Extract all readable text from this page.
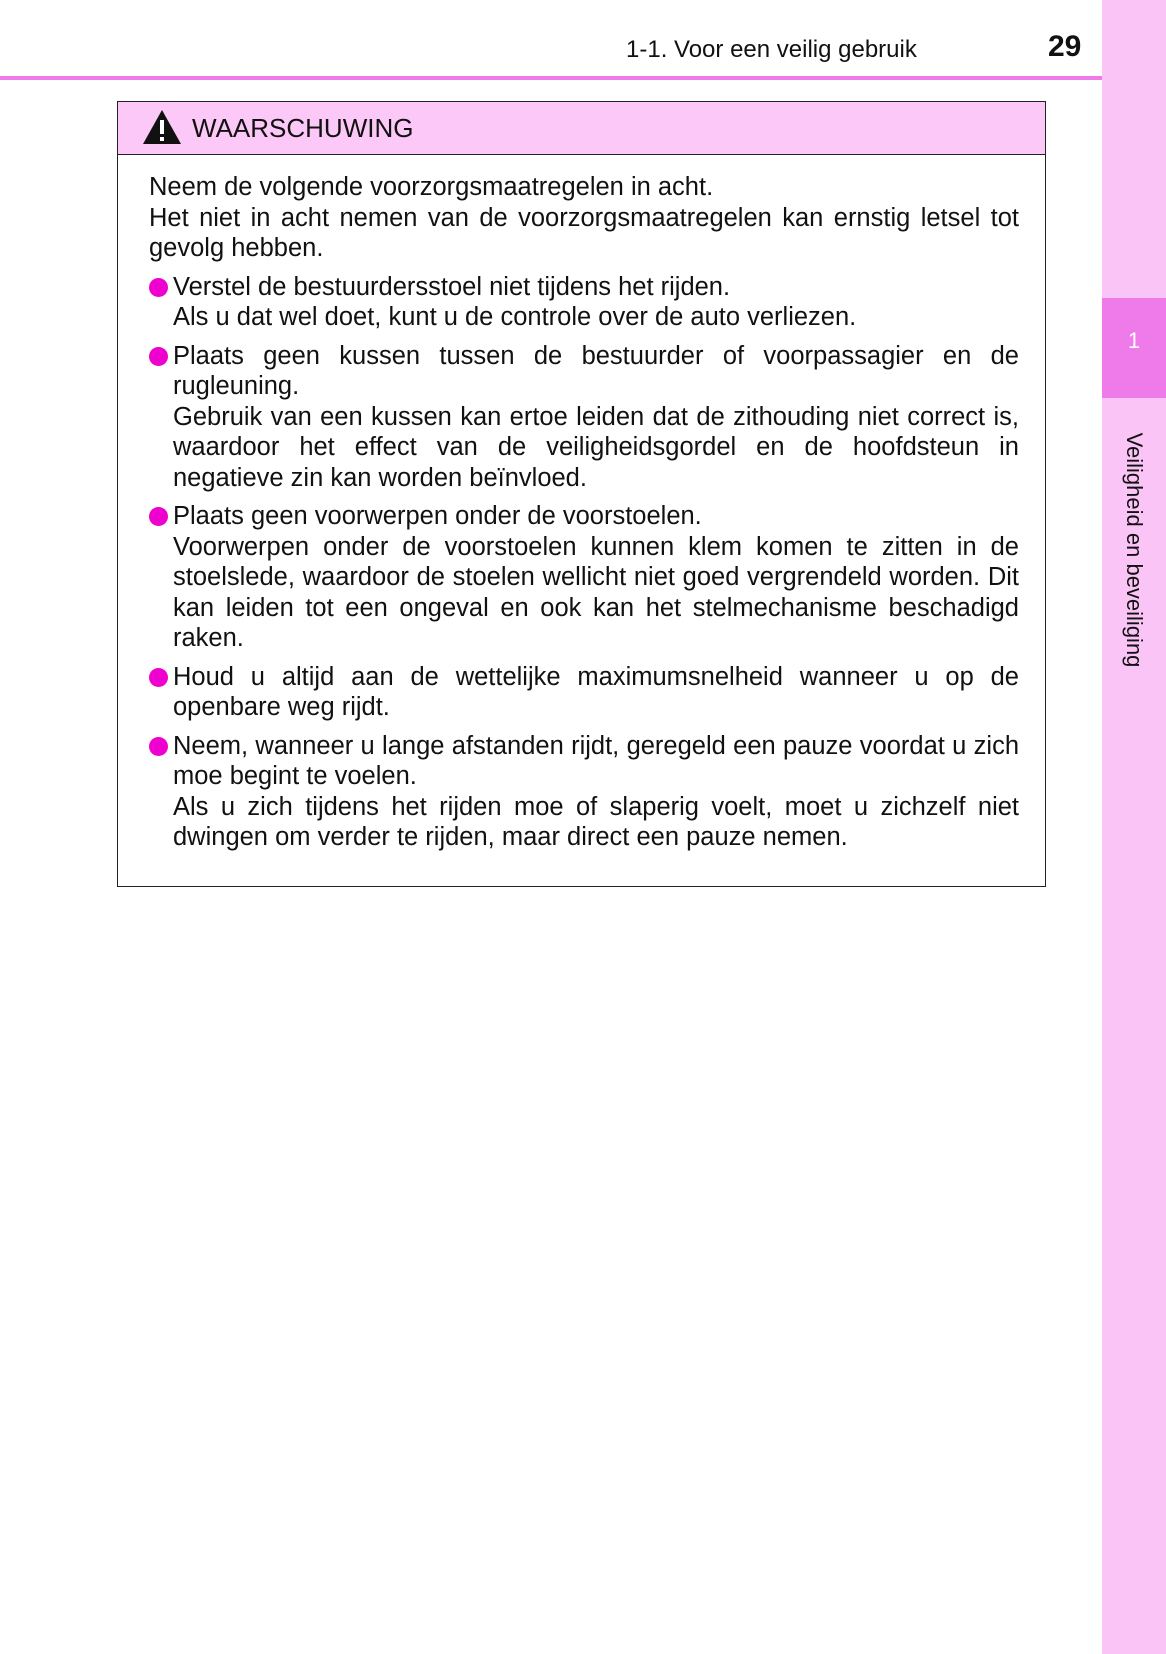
1-1. Voor een veilig gebruik	29
1
Veiligheid en beveiliging
WAARSCHUWING

Neem de volgende voorzorgsmaatregelen in acht.

Het niet in acht nemen van de voorzorgsmaatregelen kan ernstig letsel tot gevolg hebben.

Verstel de bestuurdersstoel niet tijdens het rijden.

Als u dat wel doet, kunt u de controle over de auto verliezen.

Plaats geen kussen tussen de bestuurder of voorpassagier en de rugleuning.

Gebruik van een kussen kan ertoe leiden dat de zithouding niet correct is, waardoor het effect van de veiligheidsgordel en de hoofdsteun in negatieve zin kan worden beïnvloed.

Plaats geen voorwerpen onder de voorstoelen.

Voorwerpen onder de voorstoelen kunnen klem komen te zitten in de stoelslede, waardoor de stoelen wellicht niet goed vergrendeld worden. Dit kan leiden tot een ongeval en ook kan het stelmechanisme beschadigd raken.

Houd u altijd aan de wettelijke maximumsnelheid wanneer u op de openbare weg rijdt.

Neem, wanneer u lange afstanden rijdt, geregeld een pauze voordat u zich moe begint te voelen.

Als u zich tijdens het rijden moe of slaperig voelt, moet u zichzelf niet dwingen om verder te rijden, maar direct een pauze nemen.
